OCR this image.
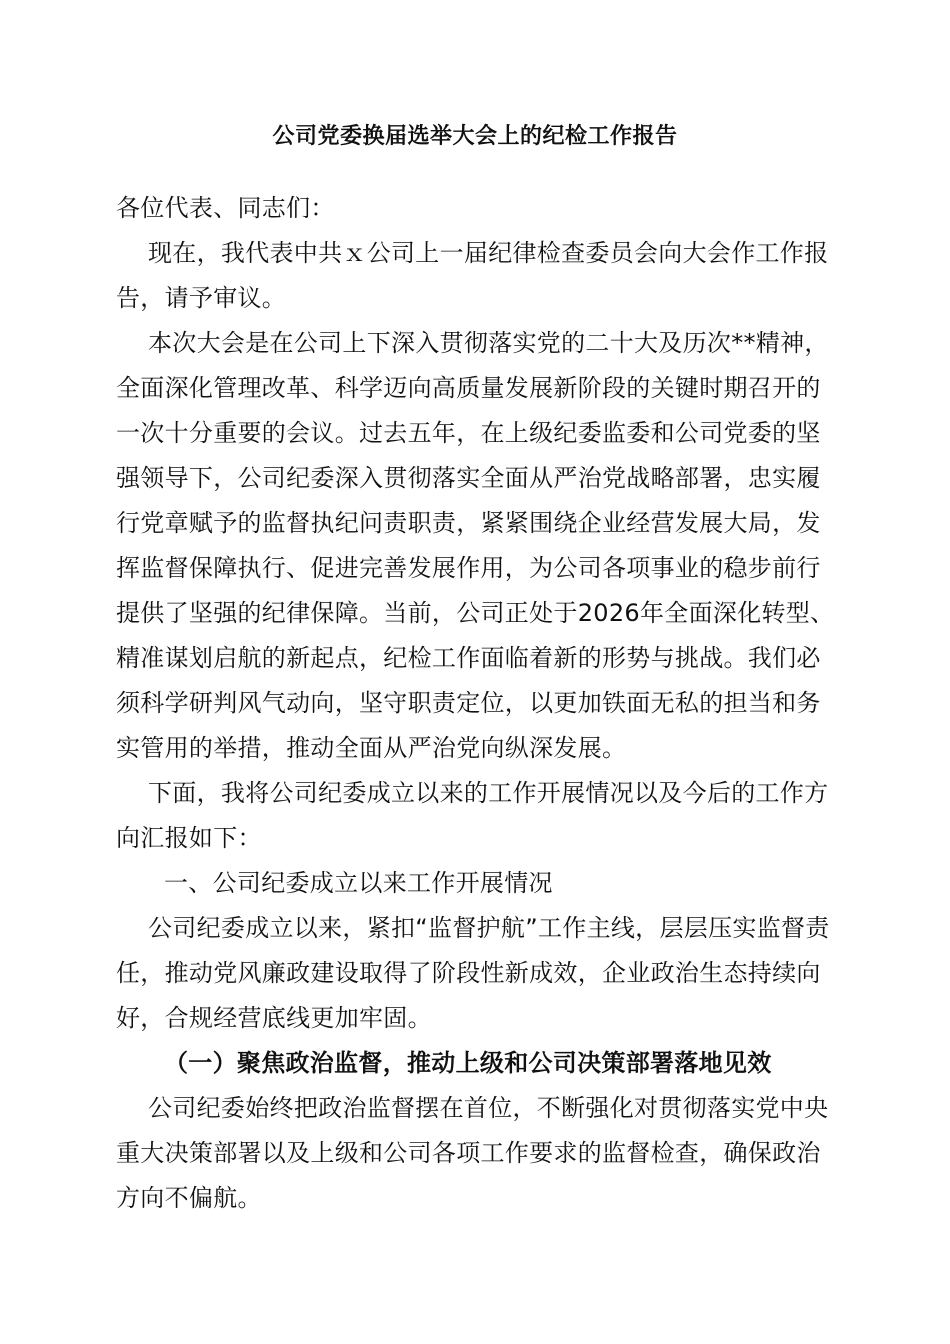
公司党委换届选举大会上的纪检工作报告

各位代表、同志们：

现在，我代表中共ｘ公司上一届纪律检查委员会向大会作工作报告，请予审议。

本次大会是在公司上下深入贯彻落实党的二十大及历次**精神，全面深化管理改革、科学迈向高质量发展新阶段的关键时期召开的一次十分重要的会议。过去五年，在上级纪委监委和公司党委的坚强领导下，公司纪委深入贯彻落实全面从严治党战略部署，忠实履行党章赋予的监督执纪问责职责，紧紧围绕企业经营发展大局，发挥监督保障执行、促进完善发展作用，为公司各项事业的稳步前行提供了坚强的纪律保障。当前，公司正处于2026年全面深化转型、精准谋划启航的新起点，纪检工作面临着新的形势与挑战。我们必须科学研判风气动向，坚守职责定位，以更加铁面无私的担当和务实管用的举措，推动全面从严治党向纵深发展。

下面，我将公司纪委成立以来的工作开展情况以及今后的工作方向汇报如下：

一、公司纪委成立以来工作开展情况

公司纪委成立以来，紧扣“监督护航”工作主线，层层压实监督责任，推动党风廉政建设取得了阶段性新成效，企业政治生态持续向好，合规经营底线更加牢固。

（一）聚焦政治监督，推动上级和公司决策部署落地见效

公司纪委始终把政治监督摆在首位，不断强化对贯彻落实党中央重大决策部署以及上级和公司各项工作要求的监督检查，确保政治方向不偏航。
